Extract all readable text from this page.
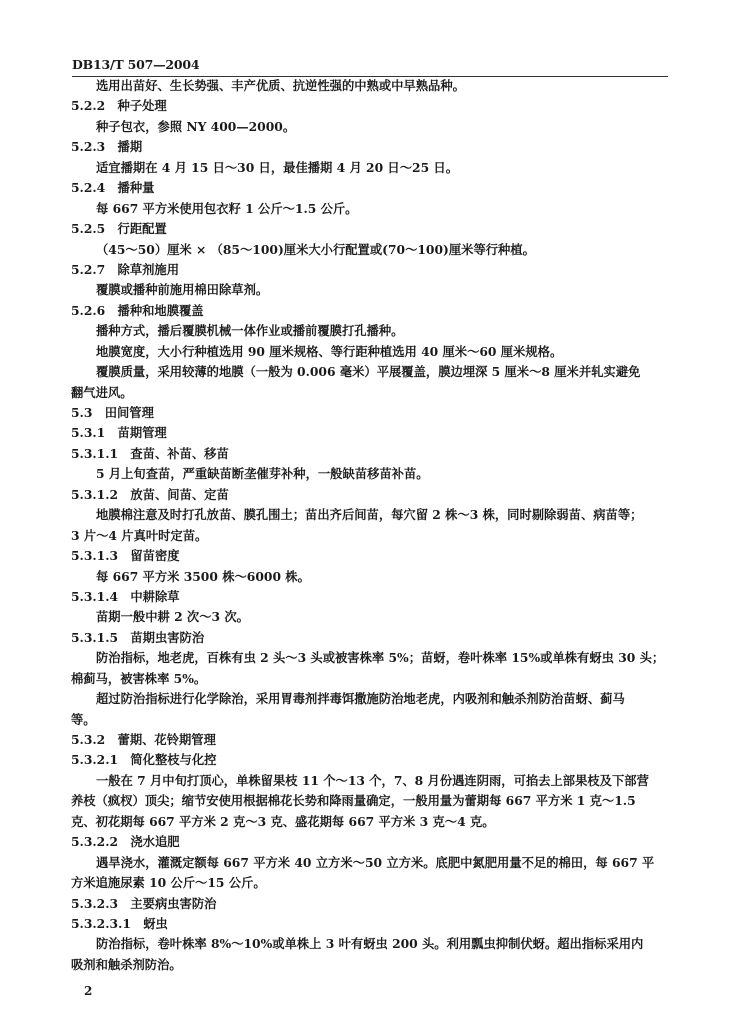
DB13/T 507—2004
选用出苗好、生长势强、丰产优质、抗逆性强的中熟或中早熟品种。
5.2.2　种子处理
种子包衣，参照 NY 400—2000。
5.2.3　播期
适宜播期在 4 月 15 日～30 日，最佳播期 4 月 20 日～25 日。
5.2.4　播种量
每 667 平方米使用包衣籽 1 公斤～1.5 公斤。
5.2.5　行距配置
（45～50）厘米 × （85～100)厘米大小行配置或(70～100)厘米等行种植。
5.2.7　除草剂施用
覆膜或播种前施用棉田除草剂。
5.2.6　播种和地膜覆盖
播种方式，播后覆膜机械一体作业或播前覆膜打孔播种。
地膜宽度，大小行种植选用 90 厘米规格、等行距种植选用 40 厘米～60 厘米规格。
覆膜质量，采用较薄的地膜（一般为 0.006 毫米）平展覆盖，膜边埋深 5 厘米～8 厘米并轧实避免
翻气进风。
5.3　田间管理
5.3.1　苗期管理
5.3.1.1　查苗、补苗、移苗
5 月上旬查苗，严重缺苗断垄催芽补种，一般缺苗移苗补苗。
5.3.1.2　放苗、间苗、定苗
地膜棉注意及时打孔放苗、膜孔围土；苗出齐后间苗，每穴留 2 株～3 株，同时剔除弱苗、病苗等；
3 片～4 片真叶时定苗。
5.3.1.3　留苗密度
每 667 平方米 3500 株～6000 株。
5.3.1.4　中耕除草
苗期一般中耕 2 次～3 次。
5.3.1.5　苗期虫害防治
防治指标，地老虎，百株有虫 2 头～3 头或被害株率 5%；苗蚜，卷叶株率 15%或单株有蚜虫 30 头；
棉蓟马，被害株率 5%。
超过防治指标进行化学除治，采用胃毒剂拌毒饵撒施防治地老虎，内吸剂和触杀剂防治苗蚜、蓟马
等。
5.3.2　蕾期、花铃期管理
5.3.2.1　简化整枝与化控
一般在 7 月中旬打顶心，单株留果枝 11 个～13 个，7、8 月份遇连阴雨，可掐去上部果枝及下部营
养枝（疯杈）顶尖；缩节安使用根据棉花长势和降雨量确定，一般用量为蕾期每 667 平方米 1 克～1.5
克、初花期每 667 平方米 2 克～3 克、盛花期每 667 平方米 3 克～4 克。
5.3.2.2　浇水追肥
遇旱浇水，灌溉定额每 667 平方米 40 立方米～50 立方米。底肥中氮肥用量不足的棉田，每 667 平
方米追施尿素 10 公斤～15 公斤。
5.3.2.3　主要病虫害防治
5.3.2.3.1　蚜虫
防治指标，卷叶株率 8%～10%或单株上 3 叶有蚜虫 200 头。利用瓢虫抑制伏蚜。超出指标采用内
吸剂和触杀剂防治。
2
